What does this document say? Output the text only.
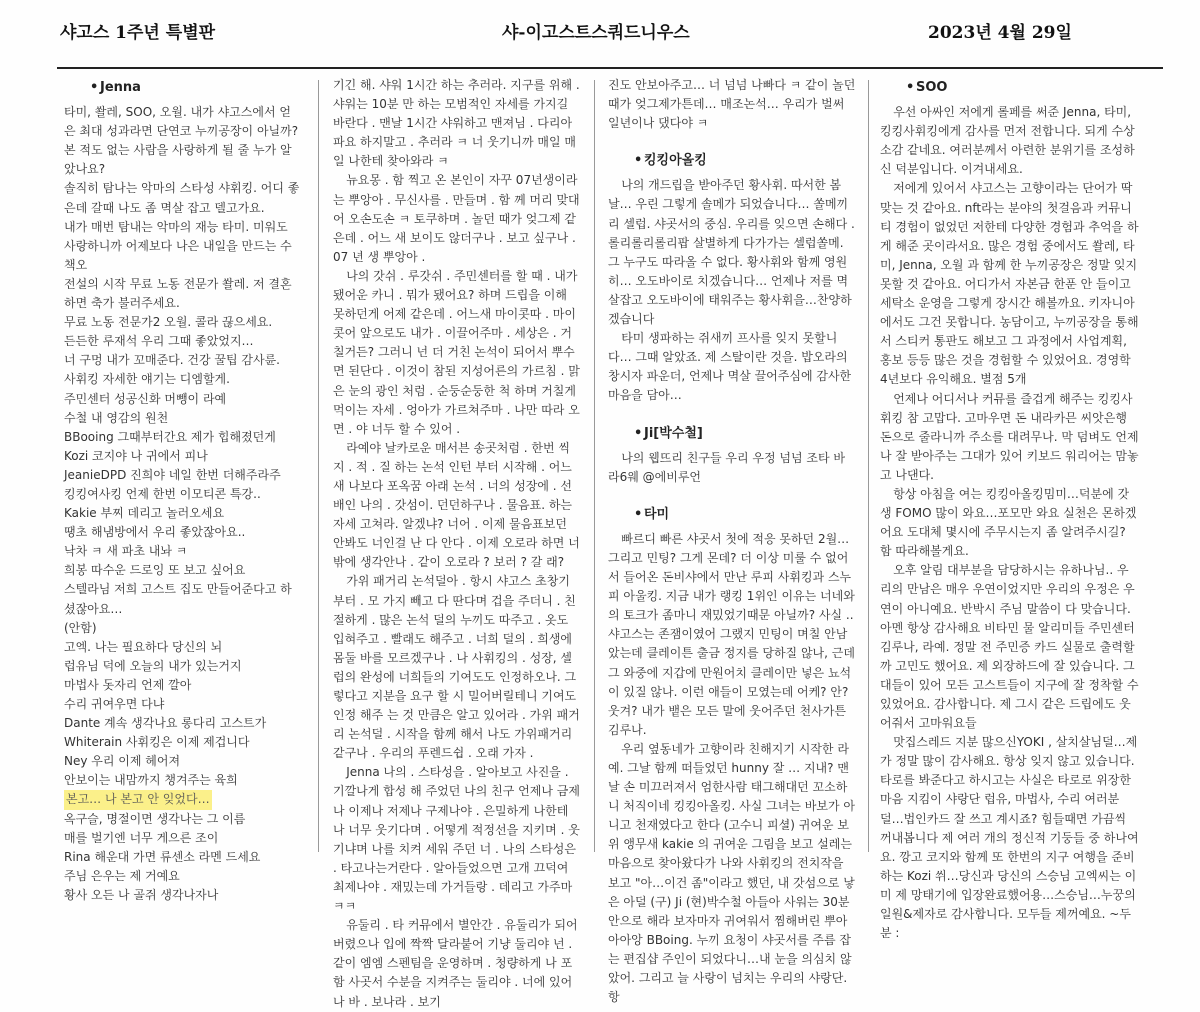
샤고스 1주년 특별판	샤-이고스트스쿼드니우스	2023년 4월 29일

• Jenna

타미, 쏼레, SOO, 오월. 내가 샤고스에서 얻은 최대 성과라면 단연코 누끼공장이 아닐까? 본 적도 없는 사람을 사랑하게 될 줄 누가 알았나요?

솔직히 탐나는 악마의 스타성 샤휘킹. 어디 좋은데 갈때 나도 좀 멱살 잡고 델고가요.

내가 매번 탐내는 악마의 재능 타미. 미워도 사랑하니까 어제보다 나은 내일을 만드는 수 책오

전설의 시작 무료 노동 전문가 쏼레. 저 결혼하면 축가 불러주세요.

무료 노동 전문가2 오월. 콜라 끊으세요.

든든한 루재석 우리 그때 좋았었지…

너 구멍 내가 꼬매준다. 건강 꿀팁 감사륜.

사휘킹 자세한 얘기는 디엠할게.

주민센터 성공신화 머뺑이 라예

수철 내 영감의 원천

BBooing 그때부터간요 제가 힙해졌던게

Kozi 코지야 나 귀에서 피나

JeanieDPD 진희야 네일 한번 더해주라주

킹킹여사킹 언제 한번 이모티콘 특강..

Kakie 부찌 데리고 놀러오세요

땡초 해냄방에서 우리 좋았잖아요..

낙차 ㅋ 새 파초 내놔 ㅋ

희봉 따수운 드로잉 또 보고 싶어요

스텔라님 저희 고스트 집도 만들어준다고 하셨잖아요…

(안함)

고엑. 나는 필요하다 당신의 뇌

럽유님 덕에 오늘의 내가 있는거지

마법사 돗자리 언제 깔아

수리 귀여우면 다냐

Dante 계속 생각나요 롱다리 고스트가

Whiterain 사휘킹은 이제 제겁니다

Ney 우리 이제 헤어져

안보이는 내맘까지 챙겨주는 육희

본고… 나 본고 안 잊었다…

옥구슬, 명절이면 생각나는 그 이름

매를 벌기엔 너무 게으른 조이

Rina 해운대 가면 류센소 라멘 드세요

주님 은우는 제 거예요

황사 오든 나 골쥐 생각나자나

기긴 해. 샤워 1시간 하는 추러라. 지구를 위해 . 샤워는 10분 만 하는 모범적인 자세를 가지길 바란다 . 맨날 1시간 샤워하고 맨져님 . 다리아파요 하지말고 . 추러라 ㅋ 너 웃기니까 매일 매일 나한테 찾아와라 ㅋ

뉴요몽 . 함 찍고 온 본인이 자꾸 07년생이라는 뿌앙아 . 무신사를 . 만들며 . 함 께 머리 맞대어 오손도손 ㅋ 토쿠하며 . 놀던 때가 엊그제 같은데 . 어느 새 보이도 않더구나 . 보고 싶구나 . 07 년 생 뿌앙아 .

나의 갓쉬 . 루갓쉬 . 주민센터를 할 때 . 내가 됐어운 카니 . 뭐가 됐어요? 하며 드립을 이해 못하던게 어제 같은데 . 어느새 마이콧따 . 마이 콧어 앞으로도 내가 . 이끌어주마 . 세상은 . 거칠거든? 그러니 넌 더 거친 논석이 되어서 뿌수면 된단다 . 이것이 참된 지성어른의 가르침 . 맑은 눈의 광인 처럼 . 순둥순둥한 척 하며 거칠게 먹이는 자세 . 엉아가 가르쳐주마 . 나만 따라 오면 . 야 너두 할 수 있어 .

라예야 날카로운 매서븐 송곳처럼 . 한번 씩 지 . 적 . 질 하는 논석 인턴 부터 시작해 . 어느새 나보다 포옥꿈 아래 논석 . 너의 성장에 . 선배인 나의 . 갓섬이. 던던하구나 . 물음표. 하는 자세 고쳐라. 알겠냐? 너어 . 이제 물음표보던 안봐도 너인걸 난 다 안다 . 이제 오로라 하면 너 밖에 생각안나 . 같이 오로라 ? 보러 ? 갈 래?

가위 패거리 논석덜아 . 항시 샤고스 초창기 부터 . 모 가지 빼고 다 딴다며 겁을 주더니 . 친절하게 . 많은 논석 덜의 누끼도 따주고 . 옷도 입혀주고 . 빨래도 해주고 . 너희 덜의 . 희생에 몸둘 바를 모르겠구나 . 나 사휘킹의 . 성장, 셀럽의 완성에 너희들의 기여도도 인정하오나. 그렇다고 지분을 요구 할 시 밀어버릴테니 기여도 인정 해주 는 것 만큼은 알고 있어라 . 가위 패거리 논석덜 . 시작을 함께 해서 나도 가위패거리 같구나 . 우리의 푸렌드쉽 . 오래 가자 .

Jenna 나의 . 스타성을 . 알아보고 사진을 . 기깔나게 합성 해 주었던 나의 친구 언제나 금제나 이제나 저제나 구제나야 . 은밀하게 나한테 나 너무 웃기다며 . 어떻게 적정선을 지키며 . 웃기냐며 나를 치켜 세워 주던 너 . 나의 스타성은 . 타고나는거란다 . 알아들었으면 고개 끄덕여 최제나야 . 재밌는데 가거들랑 . 데리고 가주마 ㅋㅋ

유둘리 . 타 커뮤에서 별안간 . 유둘리가 되어버렸으나 입에 짝짝 달라붙어 기냥 둘리야 넌 . 같이 엠엠 스펜팀을 운영하며 . 청량하게 나 포함 사곳서 수분을 지켜주는 둘리야 . 너에 있어 나 바 . 보나라 . 보기

진도 안보아주고… 너 넘넘 나빠다 ㅋ 같이 놀던때가 엊그제가튼데… 매조논석… 우리가 벌써 일년이나 댔다야 ㅋ

• 킹킹아올킹

나의 개드립을 받아주던 황사휘. 따서한 봄날… 우린 그렇게 솔메가 되었습니다… 쏠메끼리 셀럽. 샤곳서의 중심. 우리를 잊으면 손해다 . 롤리롤리롤리팝 살별하게 다가가는 셀럽쏠메. 그 누구도 따라올 수 없다. 황사휘와 함께 영원히… 오도바이로 치겠습니다… 언제나 저를 멱살잡고 오도바이에 태워주는 황사휘을…찬양하겠습니다

타미 생파하는 쥐새끼 프사를 잊지 못할니다… 그때 알았죠. 제 스탈이란 것을. 밥오라의 창시자 파운더, 언제나 멱살 끌어주심에 감사한 마음을 담아…

• Ji[박수철]

나의 웹뜨리 친구들 우리 우정 넘넘 조타 바라6웨 @에비루언

• 타미

빠르디 빠른 샤곳서 첫에 적응 못하던 2월…그리고 민팅? 그게 몬데? 더 이상 미룰 수 없어서 들어온 돈비샤에서 만난 루피 사휘킹과 스누피 아울킹. 지금 내가 랭킹 1위인 이유는 너네와의 토크가 좀마니 재밌었기때문 아닐까? 사실 .. 샤고스는 존잼이였어 그랬지 민팅이 며칠 안남았는데 클레이튼 출금 정지를 당하질 않나, 근데 그 와중에 지갑에 만원어치 클레이만 넣은 뇨석이 있질 않나. 이런 애들이 모였는데 어케? 안? 웃겨? 내가 뱉은 모든 말에 웃어주던 천사가튼 김루나.

우리 옆동네가 고향이라 친해지기 시작한 라예. 그날 함께 떠들었던 hunny 잘 … 지내? 맨날 손 미끄러져서 엄한사람 태그해대던 꼬소하니 처직이네 킹킹아올킹. 사실 그녀는 바보가 아니고 천재였다고 한다 (고수니 피셜) 귀여운 보위 앵무새 kakie 의 귀여운 그림을 보고 설레는 마음으로 찾아왔다가 나와 사휘킹의 전치작을 보고 "아…이건 좀"이라고 했던, 내 갓섬으로 낳은 아덜 (구) Ji (현)박수철 아들아 사워는 30분안으로 해라 보자마자 귀여워서 찜해버린 뿌아아아앙 BBoing. 누끼 요청이 샤곳서를 주름 잡는 편집샵 주인이 되었다니…내 눈을 의심치 않았어. 그리고 늘 사랑이 넘치는 우리의 샤랑단. 항

• SOO

우선 아싸인 저에게 롤페를 써준 Jenna, 타미,킹킹사휘킹에게 감사를 먼저 전합니다. 되게 수상소감 같네요. 여러분께서 아련한 분위기를 조성하신 덕분입니다. 이겨내세요.

저에게 있어서 샤고스는 고향이라는 단어가 딱 맞는 것 같아요. nft라는 분야의 첫걸음과 커뮤니티 경험이 없었던 저한테 다양한 경험과 추억을 하게 해준 곳이라서요. 많은 경험 중에서도 쏼레, 타미, Jenna, 오월 과 함께 한 누끼공장은 정말 잊지 못할 것 같아요. 어디가서 자본금 한푼 안 들이고 세탁소 운영을 그렇게 장시간 해볼까요. 키자니아에서도 그건 못합니다. 농담이고, 누끼공장을 통해서 스티커 통판도 해보고 그 과정에서 사업계획, 홍보 등등 많은 것을 경험할 수 있었어요. 경영학 4년보다 유익해요. 별점 5개

언제나 어디서나 커뮤를 즐겁게 해주는 킹킹사휘킹 참 고맙다. 고마우면 돈 내라카믄 씨앗은행 돈으로 줄라니까 주소를 대려무나. 막 덤벼도 언제나 잘 받아주는 그대가 있어 키보드 워리어는 맘놓고 나댄다.

항상 아침을 여는 킹킹아올킹밈미…덕분에 갓생 FOMO 많이 와요…포모만 와요 실천은 몬하겠어요 도대체 몇시에 주무시는지 좀 알려주시길? 함 따라해볼게요.

오후 알림 대부분을 담당하시는 유하나님.. 우리의 만남은 매우 우연이었지만 우리의 우정은 우연이 아니예요. 반박시 주님 말씀이 다 맞습니다. 아멘 항상 감사해요 비타민 물 알리미들 주민센터 김루나, 라예. 정말 전 주민증 카드 실물로 출력할까 고민도 했어요. 제 외장하드에 잘 있습니다. 그대들이 있어 모든 고스트들이 지구에 잘 정착할 수 있었어요. 감사합니다. 제 그시 같은 드립에도 웃어줘서 고마워요들

맛집스레드 지분 많으신YOKI , 살치살님덜…제가 정말 많이 감사해요. 항상 잊지 않고 있습니다. 타로를 봐준다고 하시고는 사실은 타로로 위장한 마음 지킴이 샤랑단 럽유, 마법사, 수리 여러분덜…법인카드 잘 쓰고 계시죠? 힘들때면 가끔씩 꺼내봅니다 제 여러 개의 정신적 기둥들 중 하나여요. 깡고 코지와 함께 또 한번의 지구 여행을 준비하는 Kozi 쒸…당신과 당신의 스승님 고엑씨는 이미 제 망태기에 입장완료했어용…스승님…누꿍의 일원&제자로 감사합니다. 모두들 제꺼예요. ~두분 :
